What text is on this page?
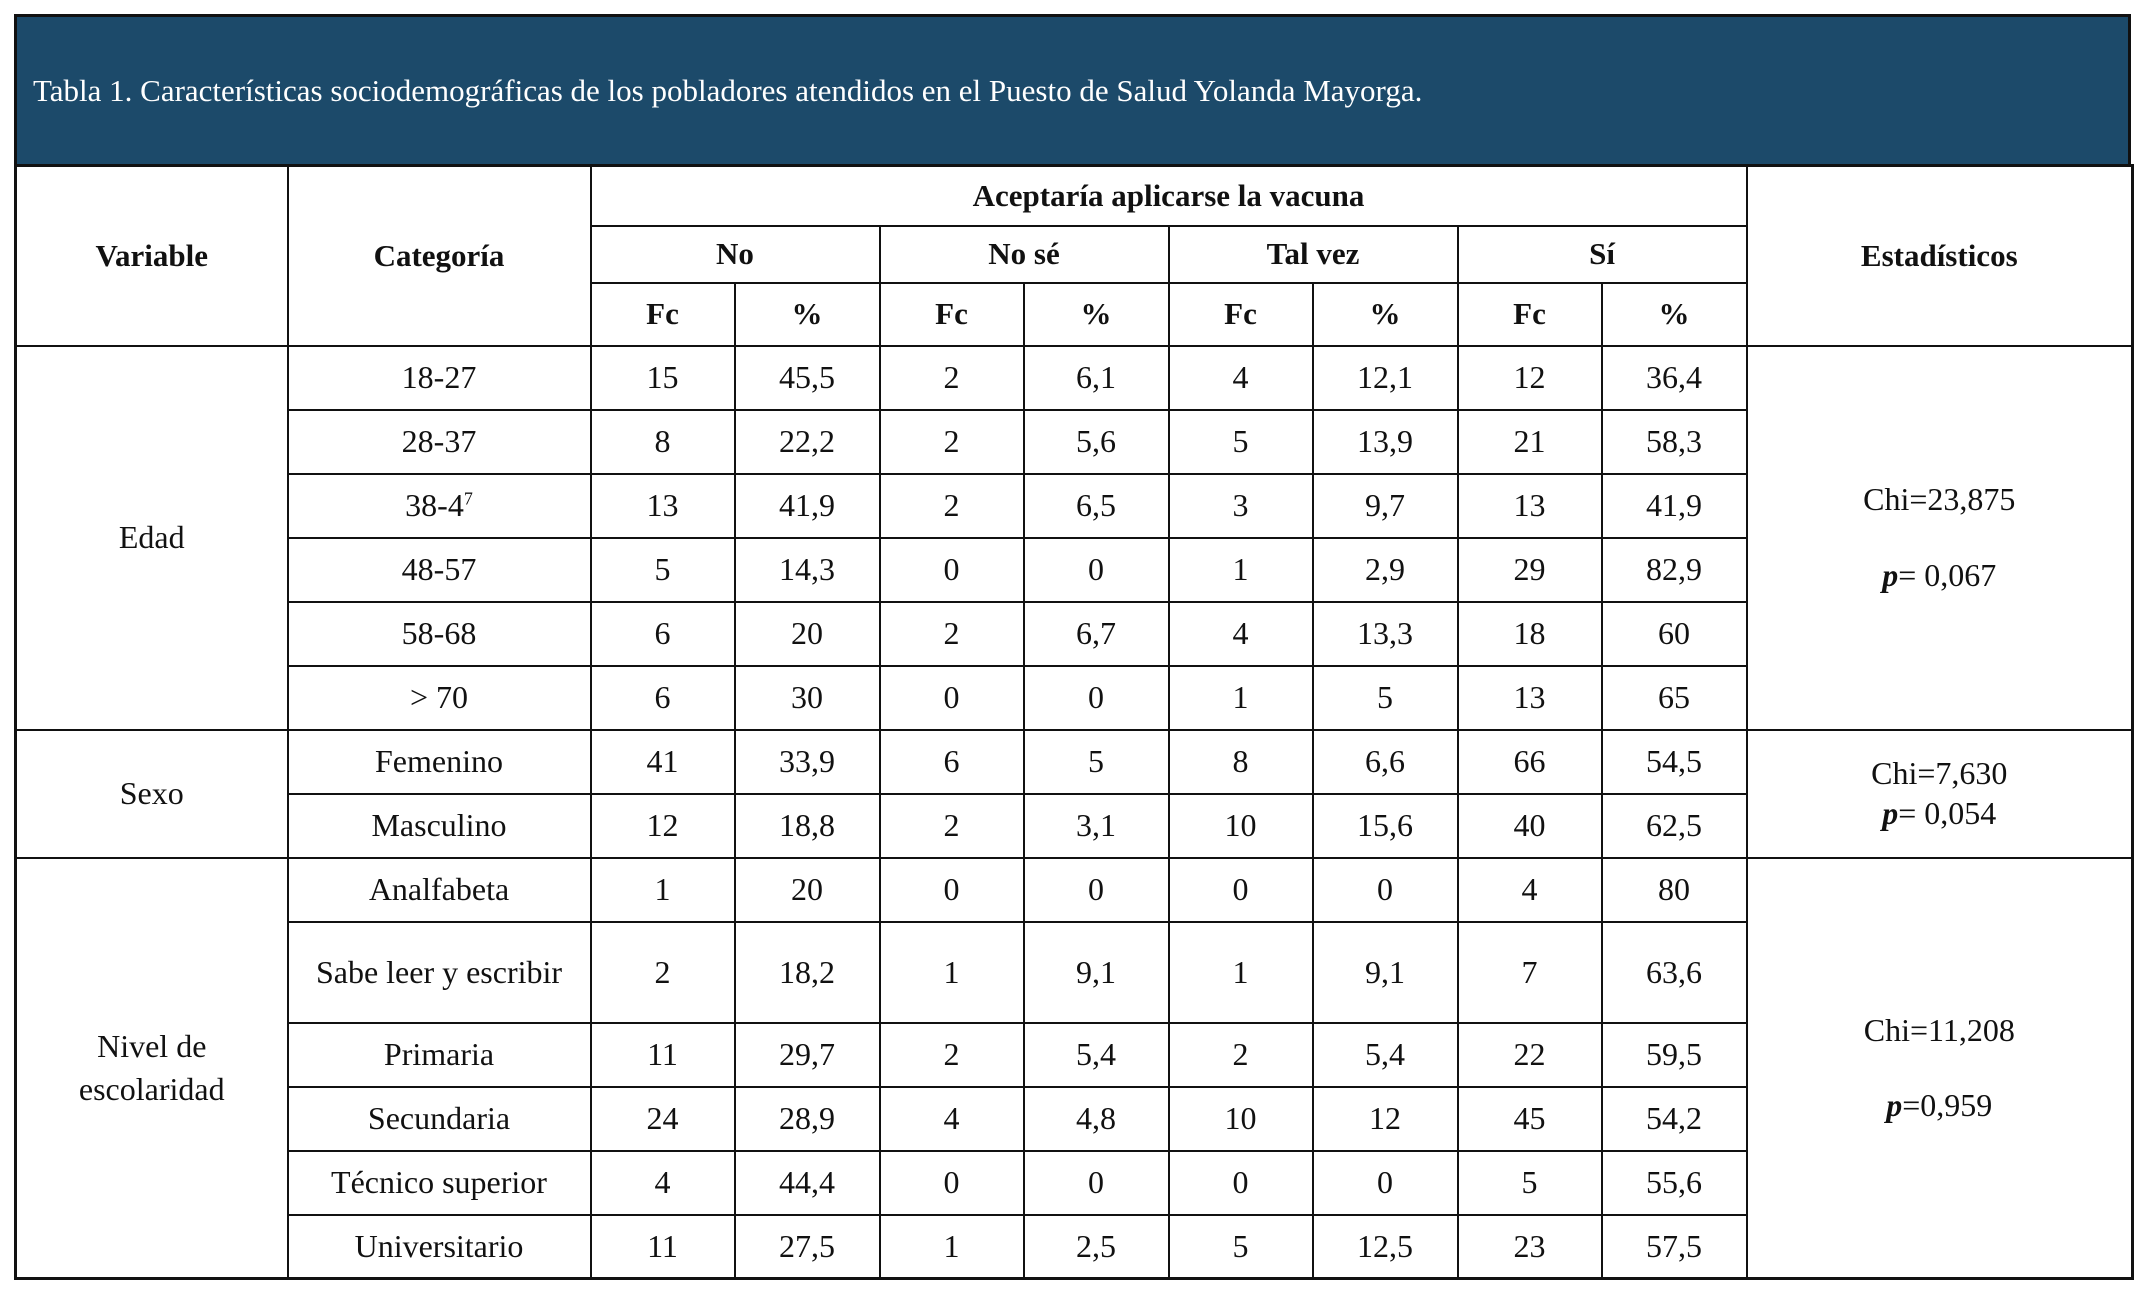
Tabla 1. Características sociodemográficas de los pobladores atendidos en el Puesto de Salud Yolanda Mayorga.
Variable	Categoría	Aceptaría aplicarse la vacuna								Estadísticos
		No		No sé		Tal vez		Sí		
		Fc	%	Fc	%	Fc	%	Fc	%	
Edad	18-27	15	45,5	2	6,1	4	12,1	12	36,4	Chi=23,875
p= 0,067
	28-37	8	22,2	2	5,6	5	13,9	21	58,3	
	$38-4^7$	13	41,9	2	6,5	3	9,7	13	41,9	
	48-57	5	14,3	0	0	1	2,9	29	82,9	
	58-68	6	20	2	6,7	4	13,3	18	60	
	> 70	6	30	0	0	1	5	13	65	
Sexo	Femenino	41	33,9	6	5	8	6,6	66	54,5	Chi=7,630
p= 0,054
	Masculino	12	18,8	2	3,1	10	15,6	40	62,5	
Nivel de
escolaridad	Analfabeta	1	20	0	0	0	0	4	80	Chi=11,208
p=0,959
	Sabe leer y escribir	2	18,2	1	9,1	1	9,1	7	63,6	
	Primaria	11	29,7	2	5,4	2	5,4	22	59,5	
	Secundaria	24	28,9	4	4,8	10	12	45	54,2	
	Técnico superior	4	44,4	0	0	0	0	5	55,6	
	Universitario	11	27,5	1	2,5	5	12,5	23	57,5	
